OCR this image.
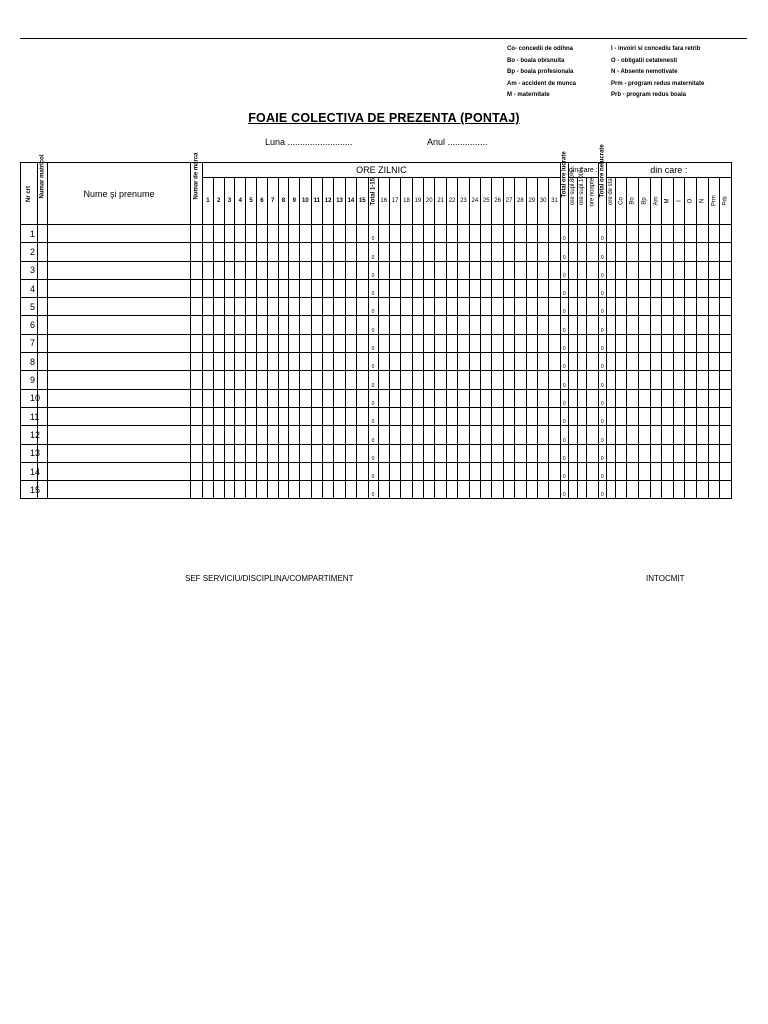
Co- concedii de odihna
Bo - boala obisnuita
Bp - boala profesionala
Am - accident de munca
M - maternitate
I - invoiri si concediu fara retrib
O - obligatii cetatenesti
N - Absente nemotivate
Prm - program redus maternitate
Prb - program redus boala
FOAIE COLECTIVA DE PREZENTA (PONTAJ)
Luna ..........................	Anul ................
Nr crt	Numar matricol	Nume şi prenume	Numar de marca	ORE ZILNIC																																Total ore lucrate	din care :			Total ore nelucrate	din care :										
				1	2	3	4	5	6	7	8	9	10	11	12	13	14	15	Total 1-15	16	17	18	19	20	21	22	23	24	25	26	27	28	29	30	31		ore supl.80%	ore supl.100%	ore noapte		ore de stat	Co	Bo	Bp	Am	M	I	O	N	Prm	Prb

1																			0																	0				0											
2																			0																	0				0											
3																			0																	0				0											
4																			0																	0				0											
5																			0																	0				0											
6																			0																	0				0											
7																			0																	0				0											
8																			0																	0				0											
9																			0																	0				0											
10																			0																	0				0											
11																			0																	0				0											
12																			0																	0				0											
13																			0																	0				0											
14																			0																	0				0											
15																			0																	0				0											
SEF SERVICIU/DISCIPLINA/COMPARTIMENT	INTOCMIT
